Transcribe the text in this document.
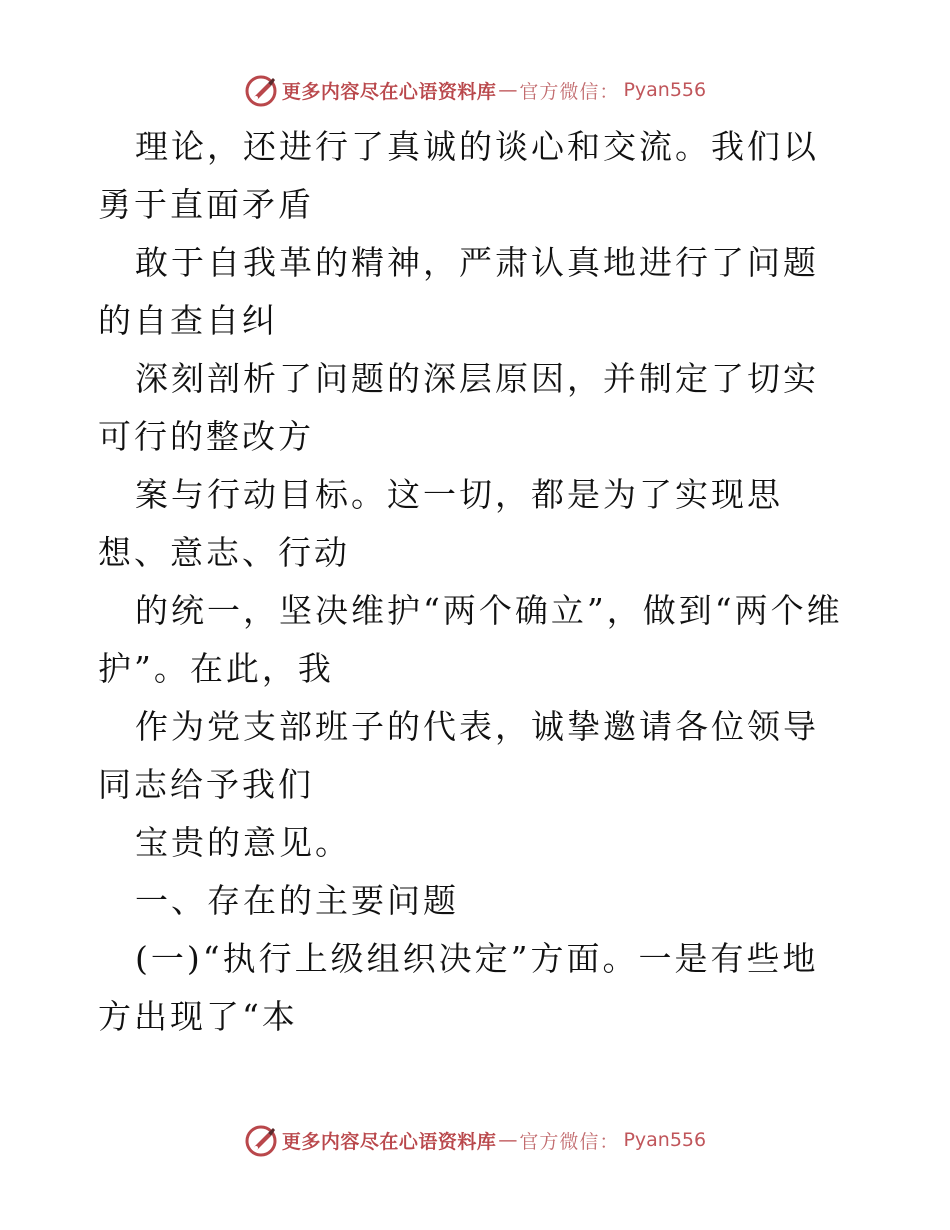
更多内容尽在心语资料库 — 官方微信： Pyan556

理论，还进行了真诚的谈心和交流。我们以勇于直面矛盾

敢于自我革的精神，严肃认真地进行了问题的自查自纠

深刻剖析了问题的深层原因，并制定了切实可行的整改方

案与行动目标。这一切，都是为了实现思想、意志、行动

的统一，坚决维护“两个确立”，做到“两个维护”。在此，我

作为党支部班子的代表，诚挚邀请各位领导同志给予我们

宝贵的意见。

一、存在的主要问题

(一)“执行上级组织决定”方面。一是有些地方出现了“本

更多内容尽在心语资料库 — 官方微信： Pyan556
